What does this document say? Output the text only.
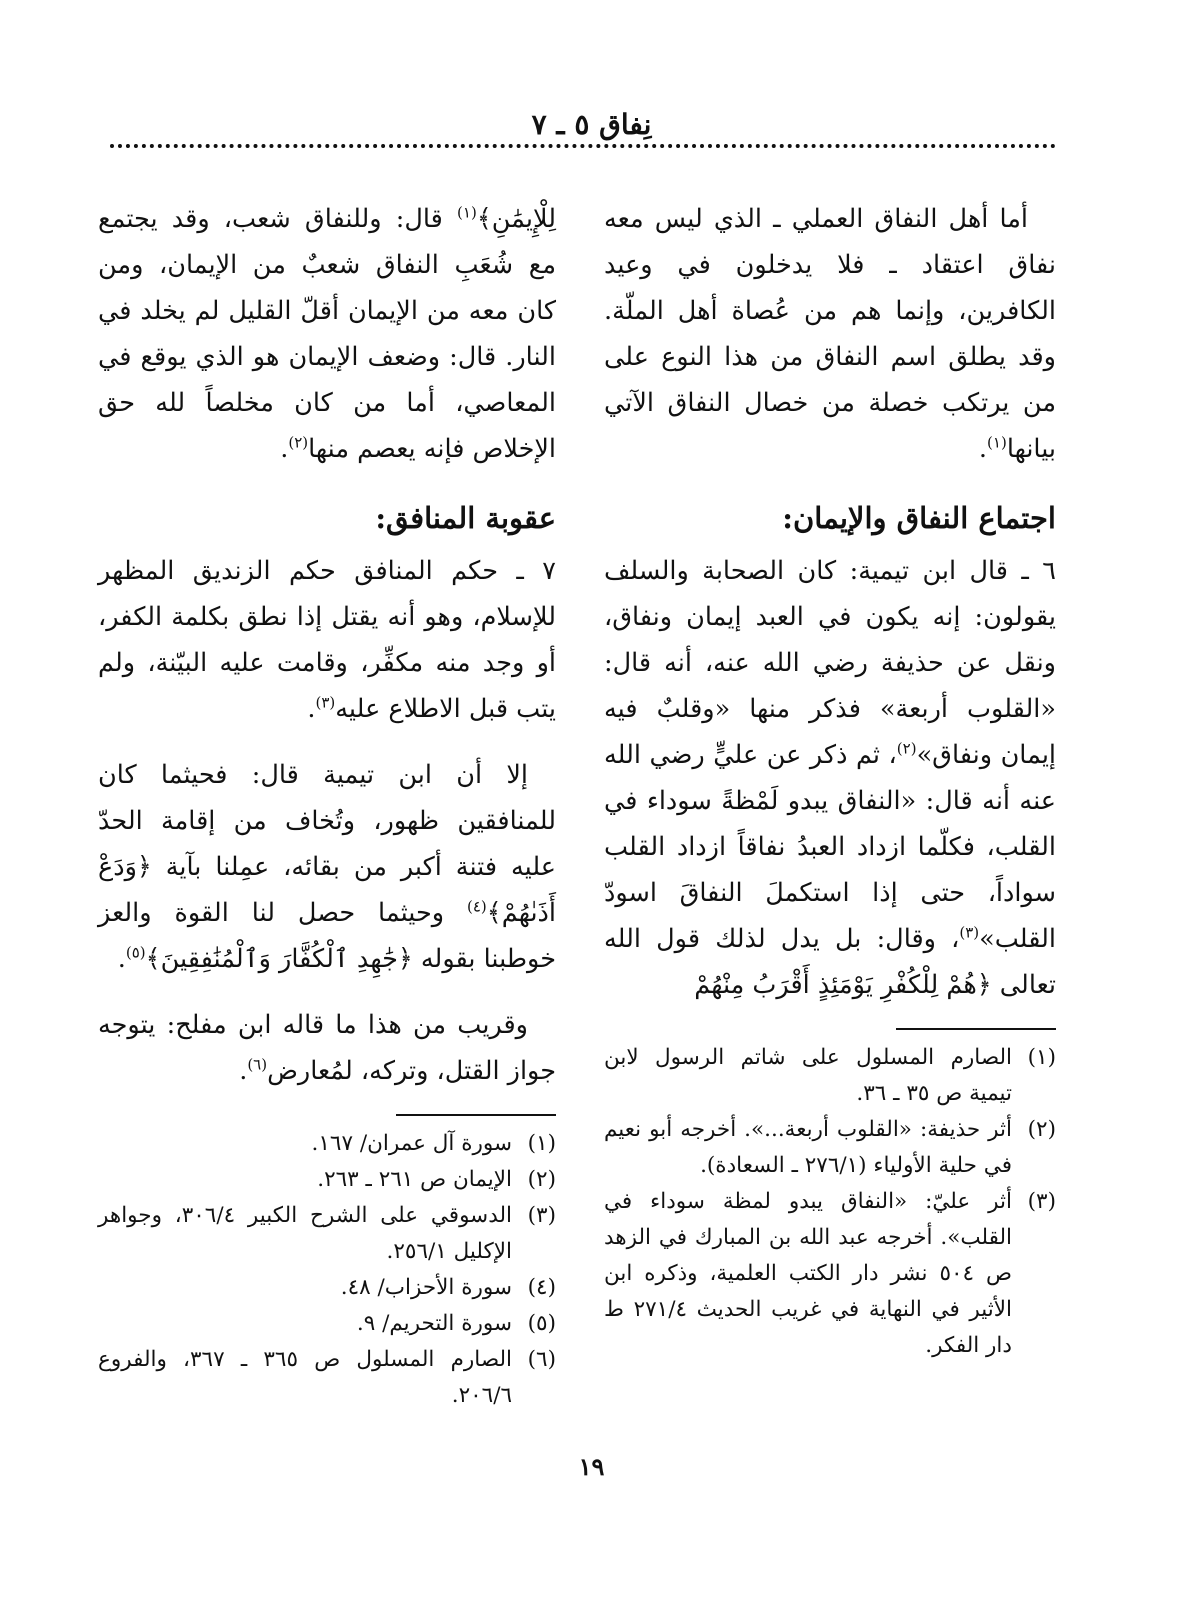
نِفاق ٥ ـ ٧

أما أهل النفاق العملي ـ الذي ليس معه نفاق اعتقاد ـ فلا يدخلون في وعيد الكافرين، وإنما هم من عُصاة أهل الملّة. وقد يطلق اسم النفاق من هذا النوع على من يرتكب خصلة من خصال النفاق الآتي بيانها$^{(١)}$.

اجتماع النفاق والإيمان:

٦ ـ قال ابن تيمية: كان الصحابة والسلف يقولون: إنه يكون في العبد إيمان ونفاق، ونقل عن حذيفة رضي الله عنه، أنه قال: «القلوب أربعة» فذكر منها «وقلبٌ فيه إيمان ونفاق»$^{(٢)}$، ثم ذكر عن عليٍّ رضي الله عنه أنه قال: «النفاق يبدو لَمْظةً سوداء في القلب، فكلّما ازداد العبدُ نفاقاً ازداد القلب سواداً، حتى إذا استكملَ النفاقَ اسودّ القلب»$^{(٣)}$، وقال: بل يدل لذلك قول الله تعالى ﴿هُمْ لِلْكُفْرِ يَوْمَئِذٍ أَقْرَبُ مِنْهُمْ

(١)
الصارم المسلول على شاتم الرسول لابن تيمية ص ٣٥ ـ ٣٦.
(٢)
أثر حذيفة: «القلوب أربعة...». أخرجه أبو نعيم في حلية الأولياء (٢٧٦/١ ـ السعادة).
(٣)
أثر عليّ: «النفاق يبدو لمظة سوداء في القلب». أخرجه عبد الله بن المبارك في الزهد ص ٥٠٤ نشر دار الكتب العلمية، وذكره ابن الأثير في النهاية في غريب الحديث ٢٧١/٤ ط دار الفكر.

لِلْإِيمَٰنِ﴾$^{(١)}$ قال: وللنفاق شعب، وقد يجتمع مع شُعَبِ النفاق شعبٌ من الإيمان، ومن كان معه من الإيمان أقلّ القليل لم يخلد في النار. قال: وضعف الإيمان هو الذي يوقع في المعاصي، أما من كان مخلصاً لله حق الإخلاص فإنه يعصم منها$^{(٢)}$.

عقوبة المنافق:

٧ ـ حكم المنافق حكم الزنديق المظهر للإسلام، وهو أنه يقتل إذا نطق بكلمة الكفر، أو وجد منه مكفِّر، وقامت عليه البيّنة، ولم يتب قبل الاطلاع عليه$^{(٣)}$.

إلا أن ابن تيمية قال: فحيثما كان للمنافقين ظهور، وتُخاف من إقامة الحدّ عليه فتنة أكبر من بقائه، عمِلنا بآية ﴿وَدَعْ أَذَىٰهُمْ﴾$^{(٤)}$ وحيثما حصل لنا القوة والعز خوطبنا بقوله ﴿جَٰهِدِ ٱلْكُفَّارَ وَٱلْمُنَٰفِقِينَ﴾$^{(٥)}$.

وقريب من هذا ما قاله ابن مفلح: يتوجه جواز القتل، وتركه، لمُعارض$^{(٦)}$.

(١)
سورة آل عمران/ ١٦٧.
(٢)
الإيمان ص ٢٦١ ـ ٢٦٣.
(٣)
الدسوقي على الشرح الكبير ٣٠٦/٤، وجواهر الإكليل ٢٥٦/١.
(٤)
سورة الأحزاب/ ٤٨.
(٥)
سورة التحريم/ ٩.
(٦)
الصارم المسلول ص ٣٦٥ ـ ٣٦٧، والفروع ٢٠٦/٦.
١٩
